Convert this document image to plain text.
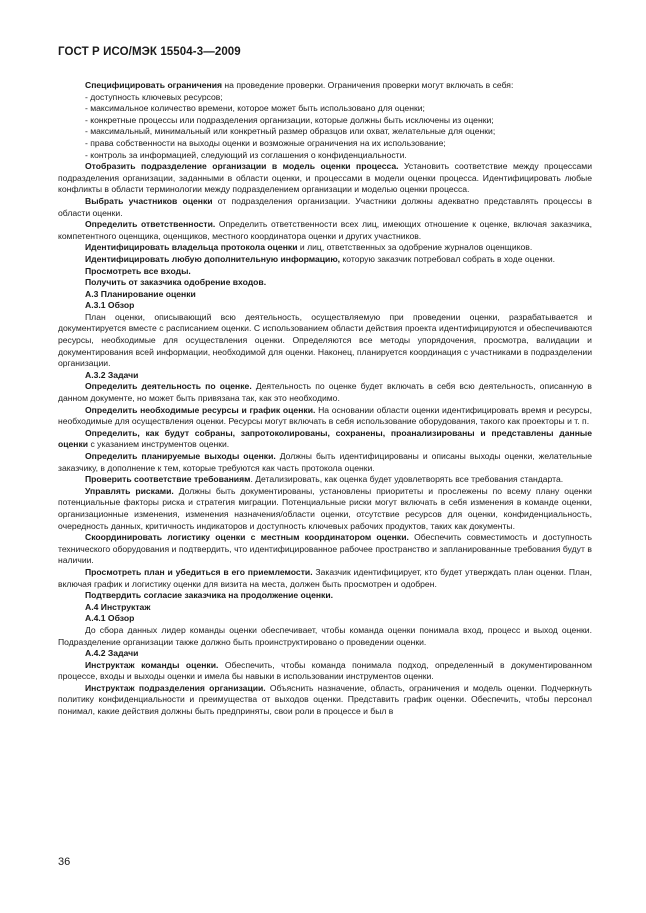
ГОСТ Р ИСО/МЭК 15504-3—2009

Специфицировать ограничения на проведение проверки. Ограничения проверки могут включать в себя:

- доступность ключевых ресурсов;

- максимальное количество времени, которое может быть использовано для оценки;

- конкретные процессы или подразделения организации, которые должны быть исключены из оценки;

- максимальный, минимальный или конкретный размер образцов или охват, желательные для оценки;

- права собственности на выходы оценки и возможные ограничения на их использование;

- контроль за информацией, следующий из соглашения о конфиденциальности.

Отобразить подразделение организации в модель оценки процесса. Установить соответствие между процессами подразделения организации, заданными в области оценки, и процессами в модели оценки процесса. Идентифицировать любые конфликты в области терминологии между подразделением организации и моделью оценки процесса.

Выбрать участников оценки от подразделения организации. Участники должны адекватно представлять процессы в области оценки.

Определить ответственности. Определить ответственности всех лиц, имеющих отношение к оценке, включая заказчика, компетентного оценщика, оценщиков, местного координатора оценки и других участников.

Идентифицировать владельца протокола оценки и лиц, ответственных за одобрение журналов оценщиков.

Идентифицировать любую дополнительную информацию, которую заказчик потребовал собрать в ходе оценки.

Просмотреть все входы.

Получить от заказчика одобрение входов.

А.3 Планирование оценки

А.3.1 Обзор

План оценки, описывающий всю деятельность, осуществляемую при проведении оценки, разрабатывается и документируется вместе с расписанием оценки. С использованием области действия проекта идентифицируются и обеспечиваются ресурсы, необходимые для осуществления оценки. Определяются все методы упорядочения, просмотра, валидации и документирования всей информации, необходимой для оценки. Наконец, планируется координация с участниками в подразделении организации.

А.3.2 Задачи

Определить деятельность по оценке. Деятельность по оценке будет включать в себя всю деятельность, описанную в данном документе, но может быть привязана так, как это необходимо.

Определить необходимые ресурсы и график оценки. На основании области оценки идентифицировать время и ресурсы, необходимые для осуществления оценки. Ресурсы могут включать в себя использование оборудования, такого как проекторы и т. п.

Определить, как будут собраны, запротоколированы, сохранены, проанализированы и представлены данные оценки с указанием инструментов оценки.

Определить планируемые выходы оценки. Должны быть идентифицированы и описаны выходы оценки, желательные заказчику, в дополнение к тем, которые требуются как часть протокола оценки.

Проверить соответствие требованиям. Детализировать, как оценка будет удовлетворять все требования стандарта.

Управлять рисками. Должны быть документированы, установлены приоритеты и прослежены по всему плану оценки потенциальные факторы риска и стратегия миграции. Потенциальные риски могут включать в себя изменения в команде оценки, организационные изменения, изменения назначения/области оценки, отсутствие ресурсов для оценки, конфиденциальность, очередность данных, критичность индикаторов и доступность ключевых рабочих продуктов, таких как документы.

Скоординировать логистику оценки с местным координатором оценки. Обеспечить совместимость и доступность технического оборудования и подтвердить, что идентифицированное рабочее пространство и запланированные требования будут в наличии.

Просмотреть план и убедиться в его приемлемости. Заказчик идентифицирует, кто будет утверждать план оценки. План, включая график и логистику оценки для визита на места, должен быть просмотрен и одобрен.

Подтвердить согласие заказчика на продолжение оценки.

А.4 Инструктаж

А.4.1 Обзор

До сбора данных лидер команды оценки обеспечивает, чтобы команда оценки понимала вход, процесс и выход оценки. Подразделение организации также должно быть проинструктировано о проведении оценки.

А.4.2 Задачи

Инструктаж команды оценки. Обеспечить, чтобы команда понимала подход, определенный в документированном процессе, входы и выходы оценки и имела бы навыки в использовании инструментов оценки.

Инструктаж подразделения организации. Объяснить назначение, область, ограничения и модель оценки. Подчеркнуть политику конфиденциальности и преимущества от выходов оценки. Представить график оценки. Обеспечить, чтобы персонал понимал, какие действия должны быть предприняты, свои роли в процессе и был в

36
